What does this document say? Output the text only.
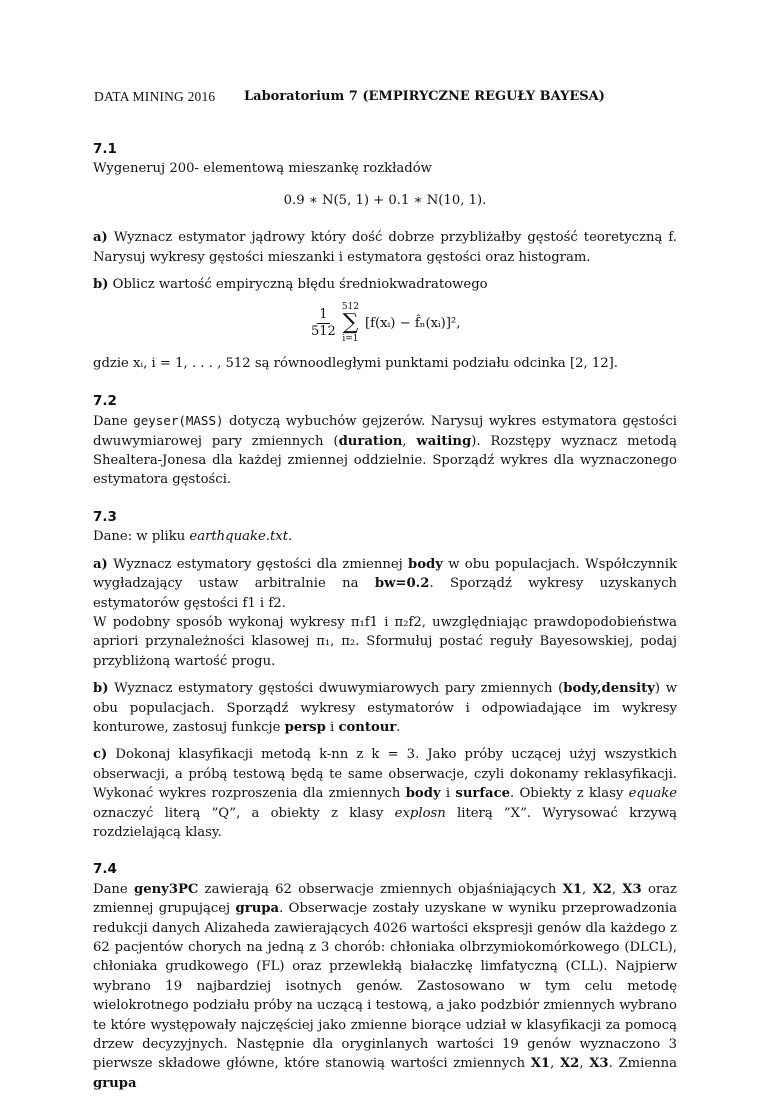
DATA MINING 2016 Laboratorium 7 (EMPIRYCZNE REGUŁY BAYESA)
7.1

Wygeneruj 200- elementową mieszankę rozkładów

0.9 ∗ N(5, 1) + 0.1 ∗ N(10, 1).

a) Wyznacz estymator jądrowy który dość dobrze przybliżałby gęstość teoretyczną f. Narysuj wykresy gęstości mieszanki i estymatora gęstości oraz histogram.

b) Oblicz wartość empiryczną błędu średniokwadratowego

$\frac{1}{512} 512$
∑
i=1
[f(xᵢ) − f̂ₙ(xᵢ)]²,

gdzie xᵢ, i = 1, . . . , 512 są równoodległymi punktami podziału odcinka [2, 12].

7.2

Dane geyser(MASS) dotyczą wybuchów gejzerów. Narysuj wykres estymatora gęstości dwuwymiarowej pary zmiennych (duration, waiting). Rozstępy wyznacz metodą Shealtera-Jonesa dla każdej zmiennej oddzielnie. Sporządź wykres dla wyznaczonego estymatora gęstości.

7.3

Dane: w pliku earthquake.txt.

a) Wyznacz estymatory gęstości dla zmiennej body w obu populacjach. Współczynnik wygładzający ustaw arbitralnie na bw=0.2. Sporządź wykresy uzyskanych estymatorów gęstości f1 i f2.
W podobny sposób wykonaj wykresy π₁f1 i π₂f2, uwzględniając prawdopodobieństwa apriori przynależności klasowej π₁, π₂. Sformułuj postać reguły Bayesowskiej, podaj przybliżoną wartość progu.

b) Wyznacz estymatory gęstości dwuwymiarowych pary zmiennych (body,density) w obu populacjach. Sporządź wykresy estymatorów i odpowiadające im wykresy konturowe, zastosuj funkcje persp i contour.

c) Dokonaj klasyfikacji metodą k-nn z k = 3. Jako próby uczącej użyj wszystkich obserwacji, a próbą testową będą te same obserwacje, czyli dokonamy reklasyfikacji. Wykonać wykres rozproszenia dla zmiennych body i surface. Obiekty z klasy equake oznaczyć literą ”Q”, a obiekty z klasy explosn literą ”X”. Wyrysować krzywą rozdzielającą klasy.

7.4

Dane geny3PC zawierają 62 obserwacje zmiennych objaśniających X1, X2, X3 oraz zmiennej grupującej grupa. Obserwacje zostały uzyskane w wyniku przeprowadzonia redukcji danych Alizaheda zawierających 4026 wartości ekspresji genów dla każdego z 62 pacjentów chorych na jedną z 3 chorób: chłoniaka olbrzymiokomórkowego (DLCL), chłoniaka grudkowego (FL) oraz przewlekłą białaczkę limfatyczną (CLL). Najpierw wybrano 19 najbardziej isotnych genów. Zastosowano w tym celu metodę wielokrotnego podziału próby na uczącą i testową, a jako podzbiór zmiennych wybrano te które występowały najczęściej jako zmienne biorące udział w klasyfikacji za pomocą drzew decyzyjnych. Następnie dla oryginlanych wartości 19 genów wyznaczono 3 pierwsze składowe główne, które stanowią wartości zmiennych X1, X2, X3. Zmienna grupa
